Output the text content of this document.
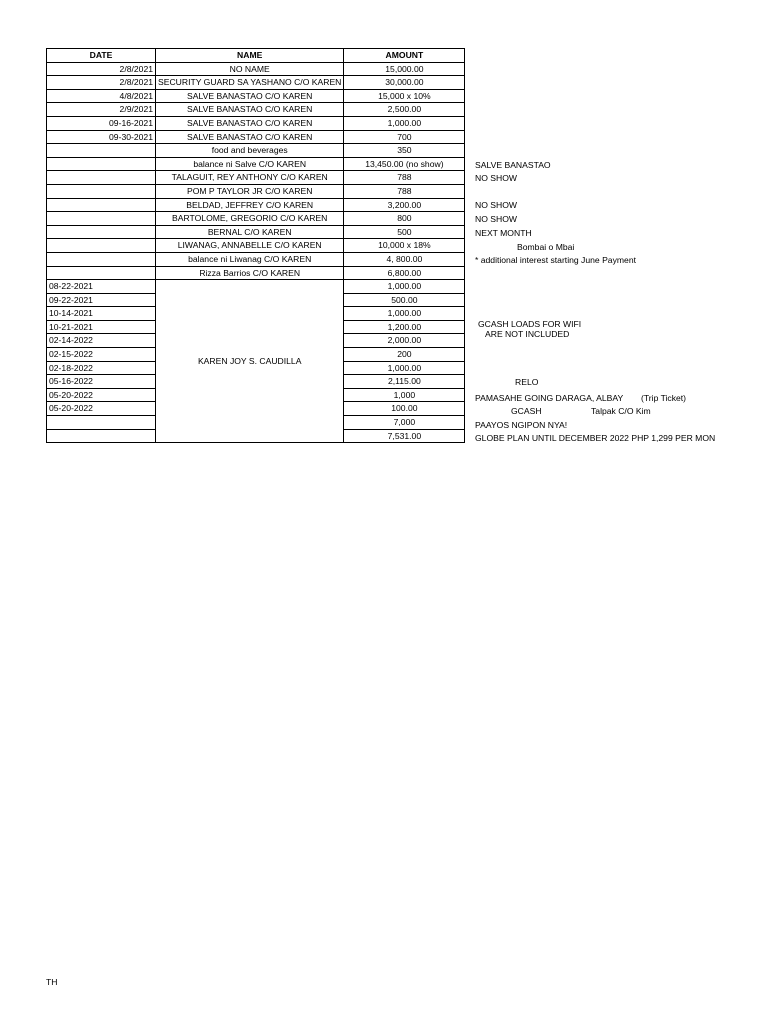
DATE	NAME	AMOUNT
2/8/2021	NO NAME	15,000.00
2/8/2021	SECURITY GUARD SA YASHANO C/O KAREN	30,000.00
4/8/2021	SALVE BANASTAO C/O KAREN	15,000 x 10%
2/9/2021	SALVE BANASTAO C/O KAREN	2,500.00
09-16-2021	SALVE BANASTAO C/O KAREN	1,000.00
09-30-2021	SALVE BANASTAO C/O KAREN	700
	food and beverages	350
	balance ni Salve C/O KAREN	13,450.00 (no show)
	TALAGUIT, REY ANTHONY C/O KAREN	788
	POM P TAYLOR JR C/O KAREN	788
	BELDAD, JEFFREY C/O KAREN	3,200.00
	BARTOLOME, GREGORIO C/O KAREN	800
	BERNAL C/O KAREN	500
	LIWANAG, ANNABELLE C/O KAREN	10,000 x 18%
	balance ni Liwanag C/O KAREN	4, 800.00
	Rizza Barrios C/O KAREN	6,800.00
08-22-2021	KAREN JOY S. CAUDILLA	1,000.00
09-22-2021		500.00
10-14-2021		1,000.00
10-21-2021		1,200.00
02-14-2022		2,000.00
02-15-2022		200
02-18-2022		1,000.00
05-16-2022		2,115.00
05-20-2022		1,000
05-20-2022		100.00
		7,000
		7,531.00
SALVE BANASTAO
NO SHOW
NO SHOW
NO SHOW
NEXT MONTH
Bombai o Mbai
* additional interest starting June Payment
GCASH LOADS FOR WIFI
ARE NOT INCLUDED
RELO
PAMASAHE GOING DARAGA, ALBAY (Trip Ticket)
GCASH	Talpak C/O Kim
PAAYOS NGIPON NYA!
GLOBE PLAN UNTIL DECEMBER 2022 PHP 1,299 PER MON
TH
